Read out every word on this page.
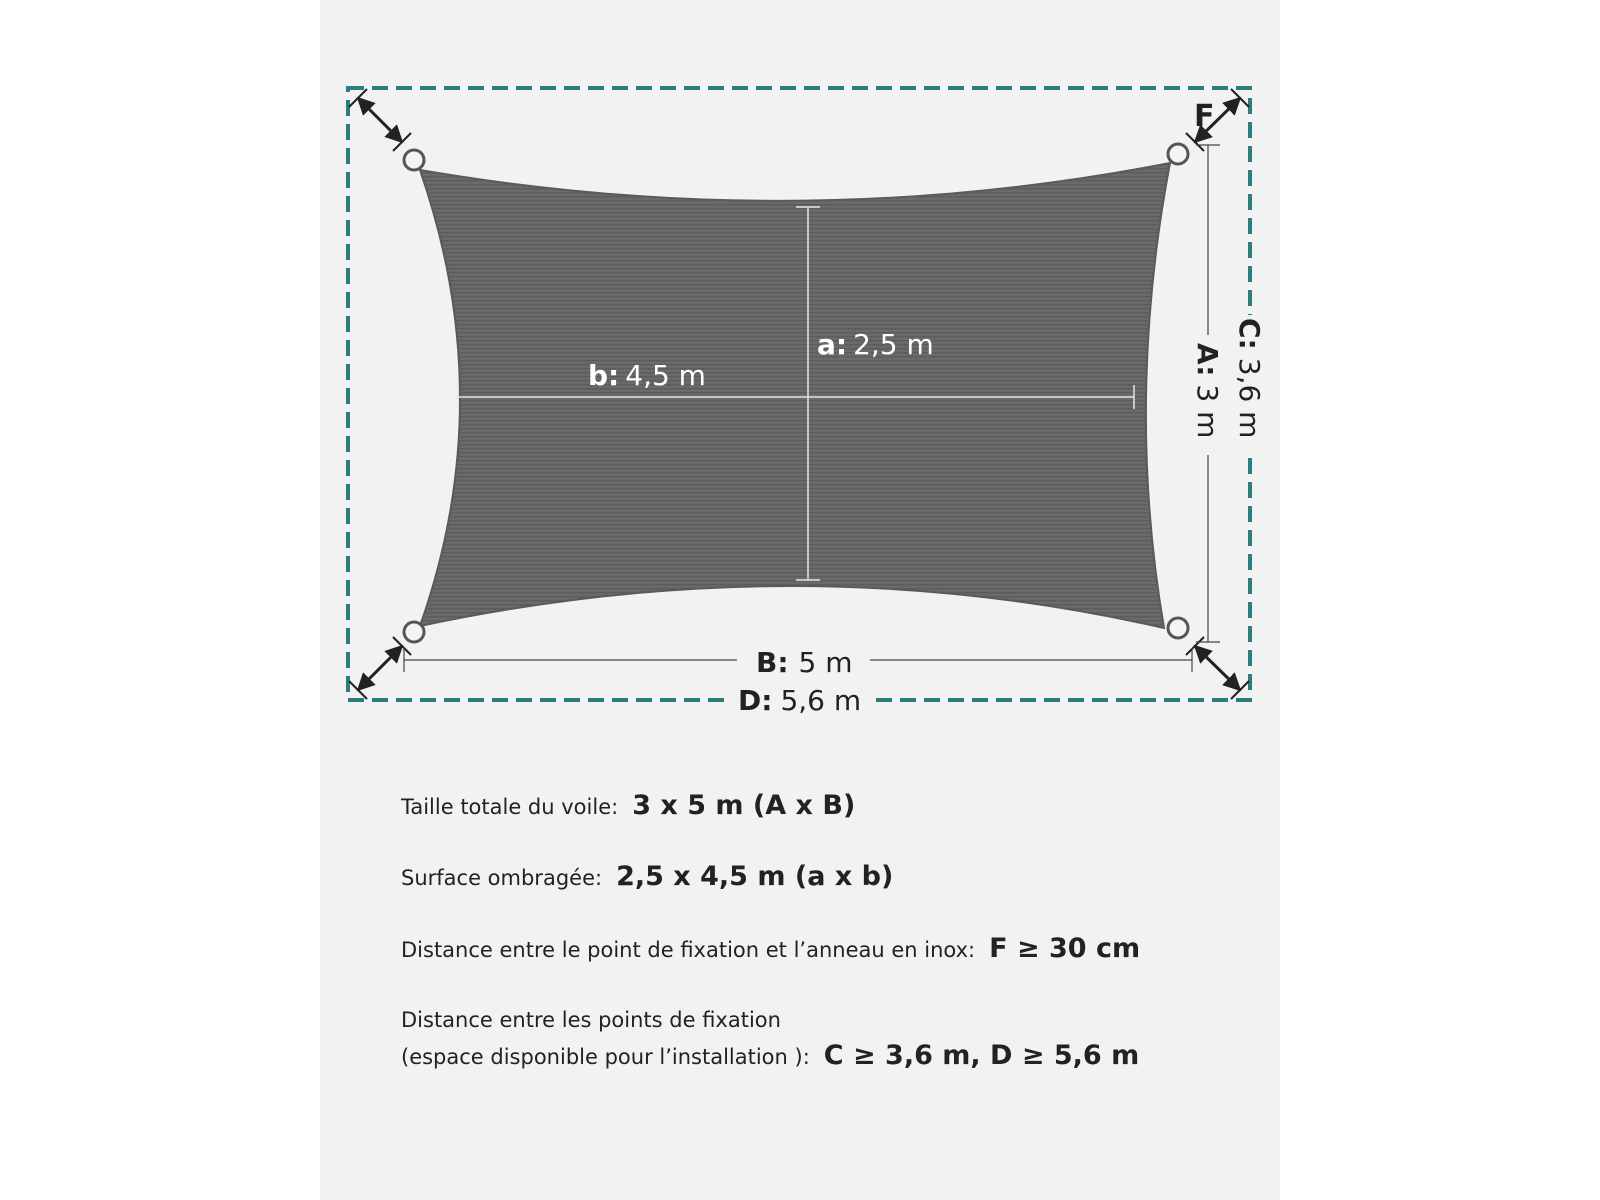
b: 4,5 m
a: 2,5 m
B: 5 m
D: 5,6 m
A:3 m
C:3,6 m
F
Taille totale du voile: 3 x 5 m (A x B)
Surface ombragée: 2,5 x 4,5 m (a x b)
Distance entre le point de fixation et l’anneau en inox: F ≥ 30 cm
Distance entre les points de fixation
(espace disponible pour l’installation ): C ≥ 3,6 m, D ≥ 5,6 m
